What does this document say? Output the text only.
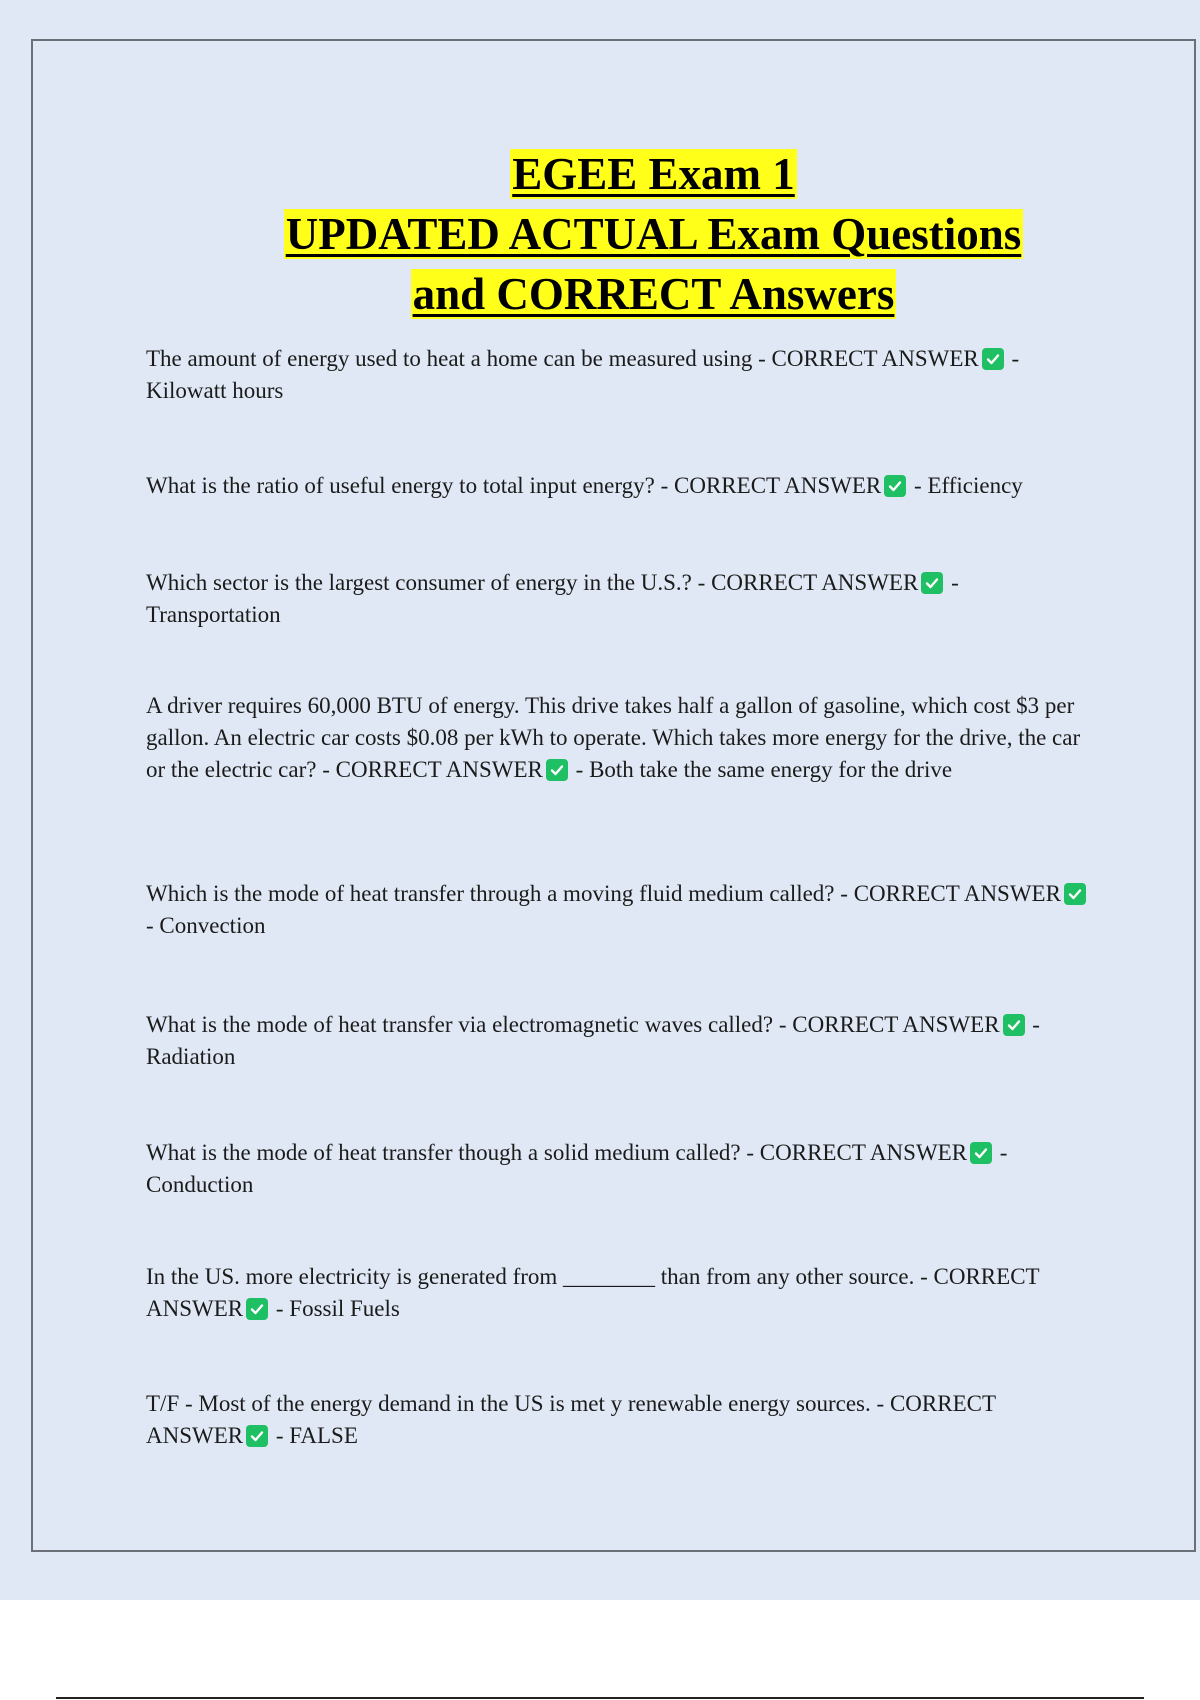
EGEE Exam 1
UPDATED ACTUAL Exam Questions
and CORRECT Answers

The amount of energy used to heat a home can be measured using - CORRECT ANSWER
- Kilowatt hours

What is the ratio of useful energy to total input energy? - CORRECT ANSWER
- Efficiency

Which sector is the largest consumer of energy in the U.S.? - CORRECT ANSWER
- Transportation

A driver requires 60,000 BTU of energy. This drive takes half a gallon of gasoline, which cost $3 per gallon. An electric car costs $0.08 per kWh to operate. Which takes more energy for the drive, the car or the electric car? - CORRECT ANSWER
- Both take the same energy for the drive

Which is the mode of heat transfer through a moving fluid medium called? - CORRECT ANSWER
- Convection

What is the mode of heat transfer via electromagnetic waves called? - CORRECT ANSWER
- Radiation

What is the mode of heat transfer though a solid medium called? - CORRECT ANSWER
- Conduction

In the US. more electricity is generated from ________ than from any other source. - CORRECT ANSWER
- Fossil Fuels

T/F - Most of the energy demand in the US is met y renewable energy sources. - CORRECT ANSWER
- FALSE
